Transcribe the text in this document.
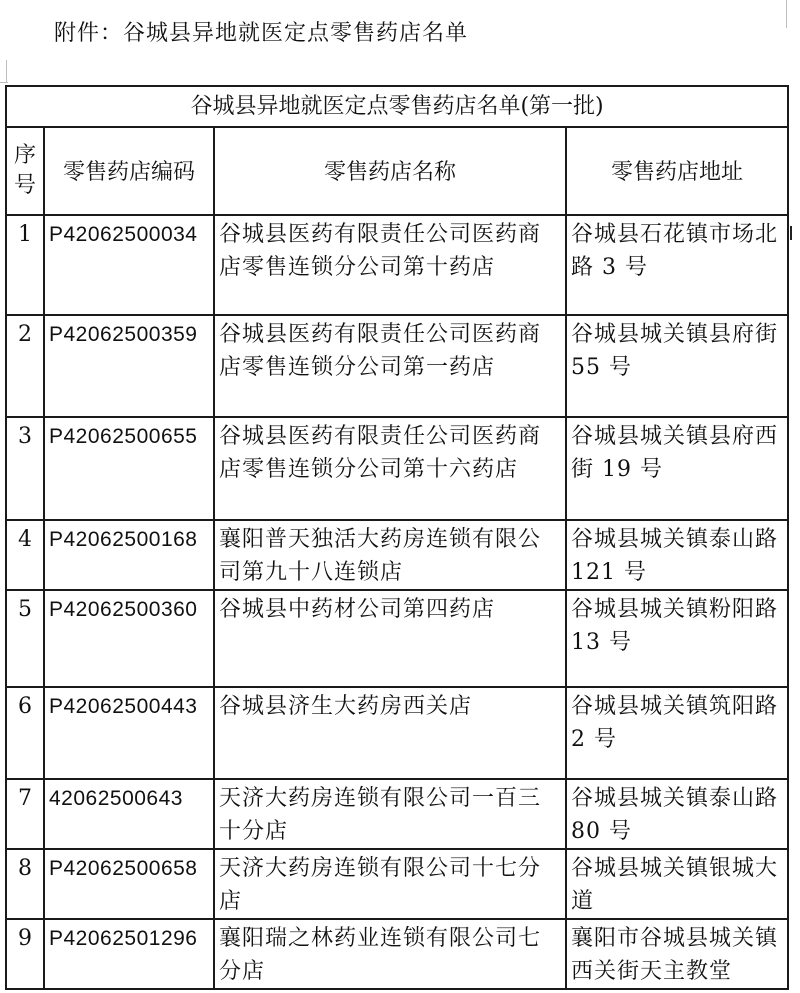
附件：谷城县异地就医定点零售药店名单
谷城县异地就医定点零售药店名单(第一批)			

序号	零售药店编码	零售药店名称	零售药店地址
1	P42062500034	谷城县医药有限责任公司医药商店零售连锁分公司第十药店	谷城县石花镇市场北路 3 号
2	P42062500359	谷城县医药有限责任公司医药商店零售连锁分公司第一药店	谷城县城关镇县府街 55 号
3	P42062500655	谷城县医药有限责任公司医药商店零售连锁分公司第十六药店	谷城县城关镇县府西街 19 号
4	P42062500168	襄阳普天独活大药房连锁有限公司第九十八连锁店	谷城县城关镇泰山路 121 号
5	P42062500360	谷城县中药材公司第四药店	谷城县城关镇粉阳路 13 号
6	P42062500443	谷城县济生大药房西关店	谷城县城关镇筑阳路 2 号
7	42062500643	天济大药房连锁有限公司一百三十分店	谷城县城关镇泰山路 80 号
8	P42062500658	天济大药房连锁有限公司十七分店	谷城县城关镇银城大道
9	P42062501296	襄阳瑞之林药业连锁有限公司七分店	襄阳市谷城县城关镇西关街天主教堂
